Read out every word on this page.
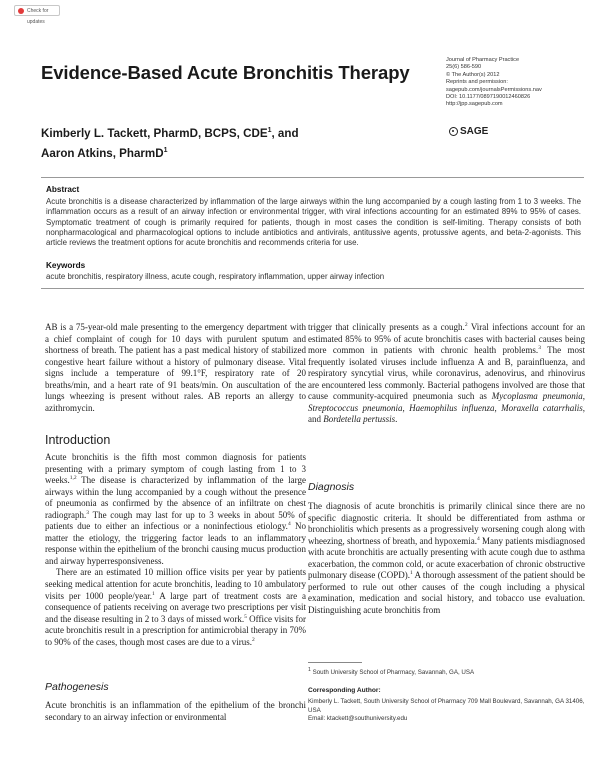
Check for updates
Evidence-Based Acute Bronchitis Therapy
Kimberly L. Tackett, PharmD, BCPS, CDE$^1$, and
Aaron Atkins, PharmD$^1$
Journal of Pharmacy Practice
25(6) 586-590
© The Author(s) 2012
Reprints and permission:
sagepub.com/journalsPermissions.nav
DOI: 10.1177/0897190012460826
http://jpp.sagepub.com
SAGE
Abstract
Acute bronchitis is a disease characterized by inflammation of the large airways within the lung accompanied by a cough lasting from 1 to 3 weeks. The inflammation occurs as a result of an airway infection or environmental trigger, with viral infections accounting for an estimated 89% to 95% of cases. Symptomatic treatment of cough is primarily required for patients, though in most cases the condition is self-limiting. Therapy consists of both nonpharmacological and pharmacological options to include antibiotics and antivirals, antitussive agents, protussive agents, and beta-2-agonists. This article reviews the treatment options for acute bronchitis and recommends criteria for use.
Keywords
acute bronchitis, respiratory illness, acute cough, respiratory inflammation, upper airway infection

AB is a 75-year-old male presenting to the emergency department with a chief complaint of cough for 10 days with purulent sputum and shortness of breath. The patient has a past medical history of stabilized congestive heart failure without a history of pulmonary disease. Vital signs include a temperature of 99.1°F, respiratory rate of 20 breaths/min, and a heart rate of 91 beats/min. On auscultation of the lungs wheezing is present without rales. AB reports an allergy to azithromycin.

Introduction

Acute bronchitis is the fifth most common diagnosis for patients presenting with a primary symptom of cough lasting from 1 to 3 weeks.$^{1,2}$ The disease is characterized by inflammation of the large airways within the lung accompanied by a cough without the presence of pneumonia as confirmed by the absence of an infiltrate on chest radiograph.$^3$ The cough may last for up to 3 weeks in about 50% of patients due to either an infectious or a noninfectious etiology.$^4$ No matter the etiology, the triggering factor leads to an inflammatory response within the epithelium of the bronchi causing mucus production and airway hyperresponsiveness.

There are an estimated 10 million office visits per year by patients seeking medical attention for acute bronchitis, leading to 10 ambulatory visits per 1000 people/year.$^1$ A large part of treatment costs are a consequence of patients receiving on average two prescriptions per visit and the disease resulting in 2 to 3 days of missed work.$^5$ Office visits for acute bronchitis result in a prescription for antimicrobial therapy in 70% to 90% of the cases, though most cases are due to a virus.$^2$

Pathogenesis

Acute bronchitis is an inflammation of the epithelium of the bronchi secondary to an airway infection or environmental

trigger that clinically presents as a cough.$^2$ Viral infections account for an estimated 85% to 95% of acute bronchitis cases with bacterial causes being more common in patients with chronic health problems.$^3$ The most frequently isolated viruses include influenza A and B, parainfluenza, and respiratory syncytial virus, while coronavirus, adenovirus, and rhinovirus are encountered less commonly. Bacterial pathogens involved are those that cause community-acquired pneumonia such as Mycoplasma pneumonia, Streptococcus pneumonia, Haemophilus influenza, Moraxella catarrhalis, and Bordetella pertussis.

Diagnosis

The diagnosis of acute bronchitis is primarily clinical since there are no specific diagnostic criteria. It should be differentiated from asthma or bronchiolitis which presents as a progressively worsening cough along with wheezing, shortness of breath, and hypoxemia.$^4$ Many patients misdiagnosed with acute bronchitis are actually presenting with acute cough due to asthma exacerbation, the common cold, or acute exacerbation of chronic obstructive pulmonary disease (COPD).$^1$ A thorough assessment of the patient should be performed to rule out other causes of the cough including a physical examination, medication and social history, and tobacco use evaluation. Distinguishing acute bronchitis from

$^1$ South University School of Pharmacy, Savannah, GA, USA
Corresponding Author:
Kimberly L. Tackett, South University School of Pharmacy 709 Mall Boulevard, Savannah, GA 31406, USA
Email: ktackett@southuniversity.edu
